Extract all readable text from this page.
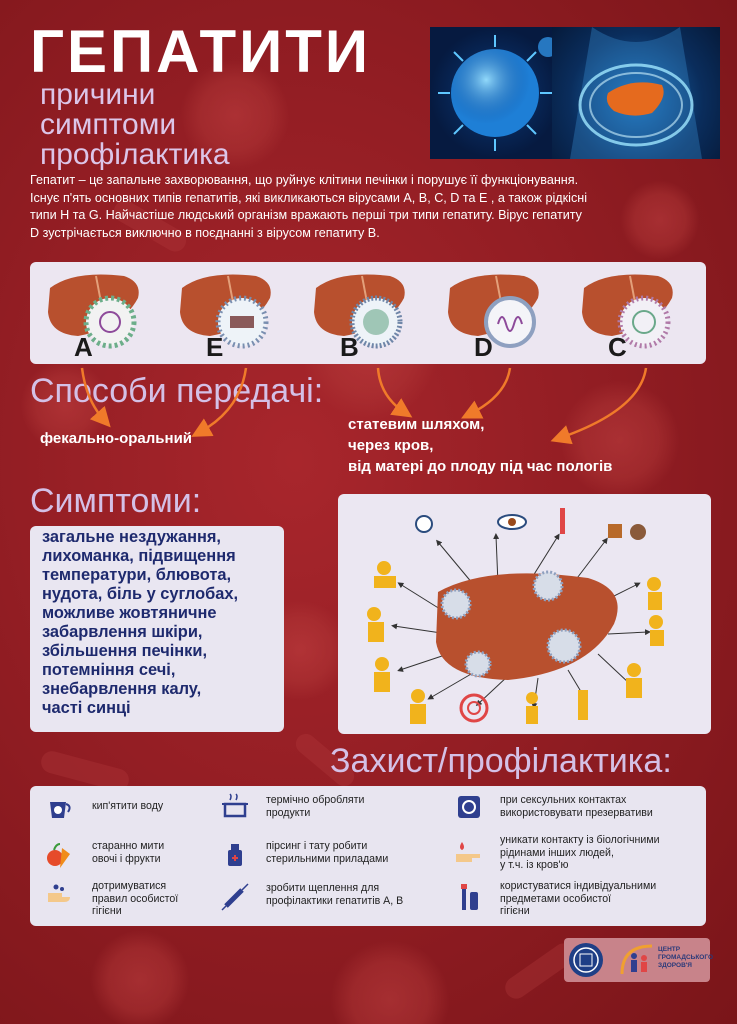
ГЕПАТИТИ
причини
симптоми
профілактика
Гепатит – це запальне захворювання, що руйнує клітини печінки і порушує її функціонування.
Існує п'ять основних типів гепатитів, які викликаються вірусами A, B, C, D та E , а також рідкісні
типи H та G. Найчастіше людський організм вражають перші три типи гепатиту. Вірус гепатиту
D зустрічається виключно в поєднанні з вірусом гепатиту B.
A	E	B	D	C
Способи передачі:
фекально-оральний
статевим шляхом,
через кров,
від матері до плоду під час пологів
Симптоми:
загальне нездужання,
лихоманка, підвищення
температури, блювота,
нудота, біль у суглобах,
можливе жовтяничне
забарвлення шкіри,
збільшення печінки,
потемніння сечі,
знебарвлення калу,
часті синці
Захист/профілактика:
кип'ятити воду
старанно мити
овочі і фрукти
дотримуватися
правил особистої
гігієни
термічно обробляти
продукти
пірсинг і тату робити
стерильними приладами
зробити щеплення для
профілактики гепатитів А, В
при сексульних контактах
використовувати презервативи
уникати контакту із біологічними
рідинами інших людей,
у т.ч. із кров'ю
користуватися індивідуальними
предметами особистої
гігієни
ЦЕНТР
ГРОМАДСЬКОГО
ЗДОРОВ'Я
